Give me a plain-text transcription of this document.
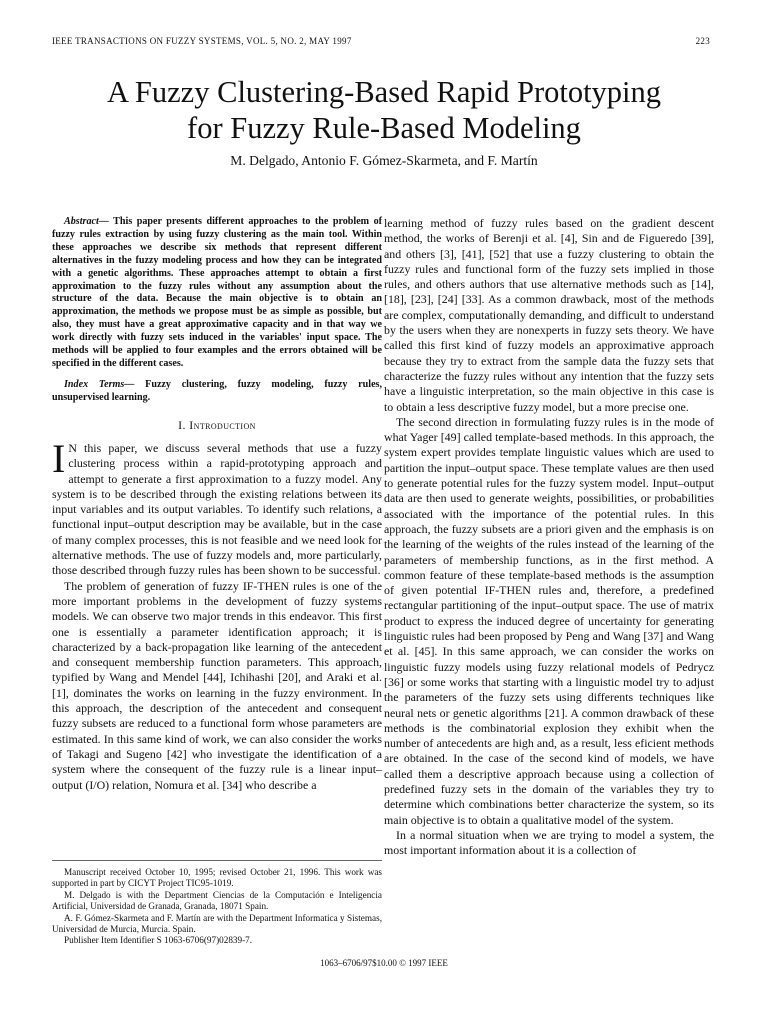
IEEE TRANSACTIONS ON FUZZY SYSTEMS, VOL. 5, NO. 2, MAY 1997	223
A Fuzzy Clustering-Based Rapid Prototyping
for Fuzzy Rule-Based Modeling
M. Delgado, Antonio F. Gómez-Skarmeta, and F. Martín

Abstract— This paper presents different approaches to the problem of fuzzy rules extraction by using fuzzy clustering as the main tool. Within these approaches we describe six methods that represent different alternatives in the fuzzy modeling process and how they can be integrated with a genetic algorithms. These approaches attempt to obtain a first approximation to the fuzzy rules without any assumption about the structure of the data. Because the main objective is to obtain an approximation, the methods we propose must be as simple as possible, but also, they must have a great approximative capacity and in that way we work directly with fuzzy sets induced in the variables' input space. The methods will be applied to four examples and the errors obtained will be specified in the different cases.

Index Terms— Fuzzy clustering, fuzzy modeling, fuzzy rules, unsupervised learning.

I. Introduction

I N this paper, we discuss several methods that use a fuzzy clustering process within a rapid-prototyping approach and attempt to generate a first approximation to a fuzzy model. Any system is to be described through the existing relations between its input variables and its output variables. To identify such relations, a functional input–output description may be available, but in the case of many complex processes, this is not feasible and we need look for alternative methods. The use of fuzzy models and, more particularly, those described through fuzzy rules has been shown to be successful.

The problem of generation of fuzzy IF-THEN rules is one of the more important problems in the development of fuzzy systems models. We can observe two major trends in this endeavor. This first one is essentially a parameter identification approach; it is characterized by a back-propagation like learning of the antecedent and consequent membership function parameters. This approach, typified by Wang and Mendel [44], Ichihashi [20], and Araki et al. [1], dominates the works on learning in the fuzzy environment. In this approach, the description of the antecedent and consequent fuzzy subsets are reduced to a functional form whose parameters are estimated. In this same kind of work, we can also consider the works of Takagi and Sugeno [42] who investigate the identification of a system where the consequent of the fuzzy rule is a linear input–output (I/O) relation, Nomura et al. [34] who describe a

Manuscript received October 10, 1995; revised October 21, 1996. This work was supported in part by CICYT Project TIC95-1019.

M. Delgado is with the Department Ciencias de la Computación e Inteligencia Artificial, Universidad de Granada, Granada, 18071 Spain.

A. F. Gómez-Skarmeta and F. Martín are with the Department Informatica y Sistemas, Universidad de Murcia, Murcia. Spain.

Publisher Item Identifier S 1063-6706(97)02839-7.

learning method of fuzzy rules based on the gradient descent method, the works of Berenji et al. [4], Sin and de Figueredo [39], and others [3], [41], [52] that use a fuzzy clustering to obtain the fuzzy rules and functional form of the fuzzy sets implied in those rules, and others authors that use alternative methods such as [14], [18], [23], [24] [33]. As a common drawback, most of the methods are complex, computationally demanding, and difficult to understand by the users when they are nonexperts in fuzzy sets theory. We have called this first kind of fuzzy models an approximative approach because they try to extract from the sample data the fuzzy sets that characterize the fuzzy rules without any intention that the fuzzy sets have a linguistic interpretation, so the main objective in this case is to obtain a less descriptive fuzzy model, but a more precise one.

The second direction in formulating fuzzy rules is in the mode of what Yager [49] called template-based methods. In this approach, the system expert provides template linguistic values which are used to partition the input–output space. These template values are then used to generate potential rules for the fuzzy system model. Input–output data are then used to generate weights, possibilities, or probabilities associated with the importance of the potential rules. In this approach, the fuzzy subsets are a priori given and the emphasis is on the learning of the weights of the rules instead of the learning of the parameters of membership functions, as in the first method. A common feature of these template-based methods is the assumption of given potential IF-THEN rules and, therefore, a predefined rectangular partitioning of the input–output space. The use of matrix product to express the induced degree of uncertainty for generating linguistic rules had been proposed by Peng and Wang [37] and Wang et al. [45]. In this same approach, we can consider the works on linguistic fuzzy models using fuzzy relational models of Pedrycz [36] or some works that starting with a linguistic model try to adjust the parameters of the fuzzy sets using differents techniques like neural nets or genetic algorithms [21]. A common drawback of these methods is the combinatorial explosion they exhibit when the number of antecedents are high and, as a result, less eficient methods are obtained. In the case of the second kind of models, we have called them a descriptive approach because using a collection of predefined fuzzy sets in the domain of the variables they try to determine which combinations better characterize the system, so its main objective is to obtain a qualitative model of the system.

In a normal situation when we are trying to model a system, the most important information about it is a collection of

1063–6706/97$10.00 © 1997 IEEE
